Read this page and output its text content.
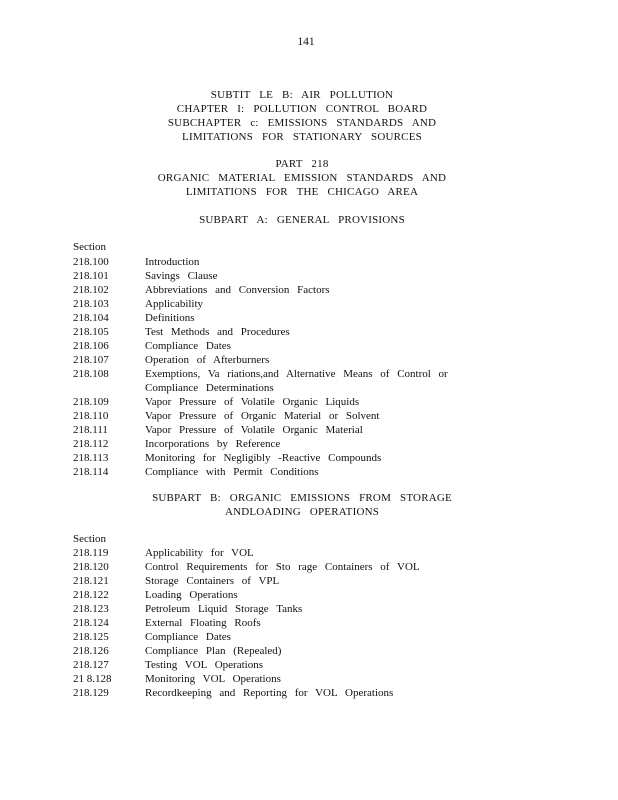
141
SUBTIT LE B: AIR POLLUTION
CHAPTER I: POLLUTION CONTROL BOARD
SUBCHAPTER c: EMISSIONS STANDARDS AND
LIMITATIONS FOR STATIONARY SOURCES
PART 218
ORGANIC MATERIAL EMISSION STANDARDS AND
LIMITATIONS FOR THE CHICAGO AREA
SUBPART A: GENERAL PROVISIONS
Section
218.100	Introduction
218.101	Savings Clause
218.102	Abbreviations and Conversion Factors
218.103	Applicability
218.104	Definitions
218.105	Test Methods and Procedures
218.106	Compliance Dates
218.107	Operation of Afterburners
218.108	Exemptions, Va riations,and Alternative Means of Control or Compliance Determinations
218.109	Vapor Pressure of Volatile Organic Liquids
218.110	Vapor Pressure of Organic Material or Solvent
218.111	Vapor Pressure of Volatile Organic Material
218.112	Incorporations by Reference
218.113	Monitoring for Negligibly -Reactive Compounds
218.114	Compliance with Permit Conditions
SUBPART B: ORGANIC EMISSIONS FROM STORAGE
ANDLOADING OPERATIONS
Section
218.119	Applicability for VOL
218.120	Control Requirements for Sto rage Containers of VOL
218.121	Storage Containers of VPL
218.122	Loading Operations
218.123	Petroleum Liquid Storage Tanks
218.124	External Floating Roofs
218.125	Compliance Dates
218.126	Compliance Plan (Repealed)
218.127	Testing VOL Operations
21 8.128	Monitoring VOL Operations
218.129	Recordkeeping and Reporting for VOL Operations
